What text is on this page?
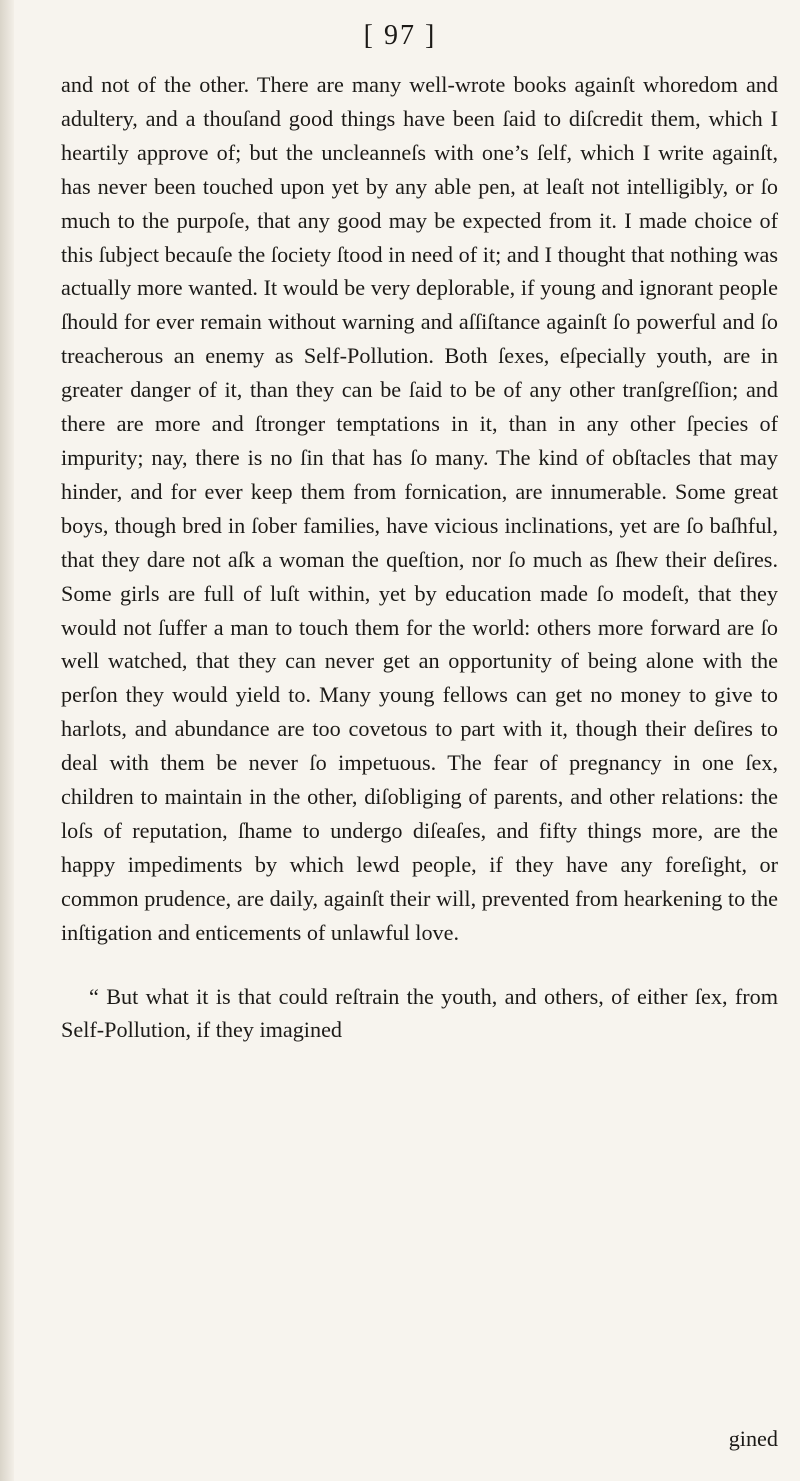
[ 97 ]

and not of the other. There are many well-wrote books againſt whoredom and adultery, and a thouſand good things have been ſaid to diſcredit them, which I heartily approve of; but the uncleanneſs with one’s ſelf, which I write againſt, has never been touched upon yet by any able pen, at leaſt not intelligibly, or ſo much to the purpoſe, that any good may be expected from it. I made choice of this ſubject becauſe the ſociety ſtood in need of it; and I thought that nothing was actually more wanted. It would be very deplorable, if young and ignorant people ſhould for ever remain without warning and aſſiſtance againſt ſo powerful and ſo treacherous an enemy as Self-Pollution. Both ſexes, eſpecially youth, are in greater danger of it, than they can be ſaid to be of any other tranſgreſſion; and there are more and ſtronger temptations in it, than in any other ſpecies of impurity; nay, there is no ſin that has ſo many. The kind of obſtacles that may hinder, and for ever keep them from fornication, are innumerable. Some great boys, though bred in ſober families, have vicious inclinations, yet are ſo baſhful, that they dare not aſk a woman the queſtion, nor ſo much as ſhew their deſires. Some girls are full of luſt within, yet by education made ſo modeſt, that they would not ſuffer a man to touch them for the world: others more forward are ſo well watched, that they can never get an opportunity of being alone with the perſon they would yield to. Many young fellows can get no money to give to harlots, and abundance are too covetous to part with it, though their deſires to deal with them be never ſo impetuous. The fear of pregnancy in one ſex, children to maintain in the other, diſobliging of parents, and other relations: the loſs of reputation, ſhame to undergo diſeaſes, and fifty things more, are the happy impediments by which lewd people, if they have any foreſight, or common prudence, are daily, againſt their will, prevented from hearkening to the inſtigation and enticements of unlawful love.

“ But what it is that could reſtrain the youth, and others, of either ſex, from Self-Pollution, if they imagined

gined
